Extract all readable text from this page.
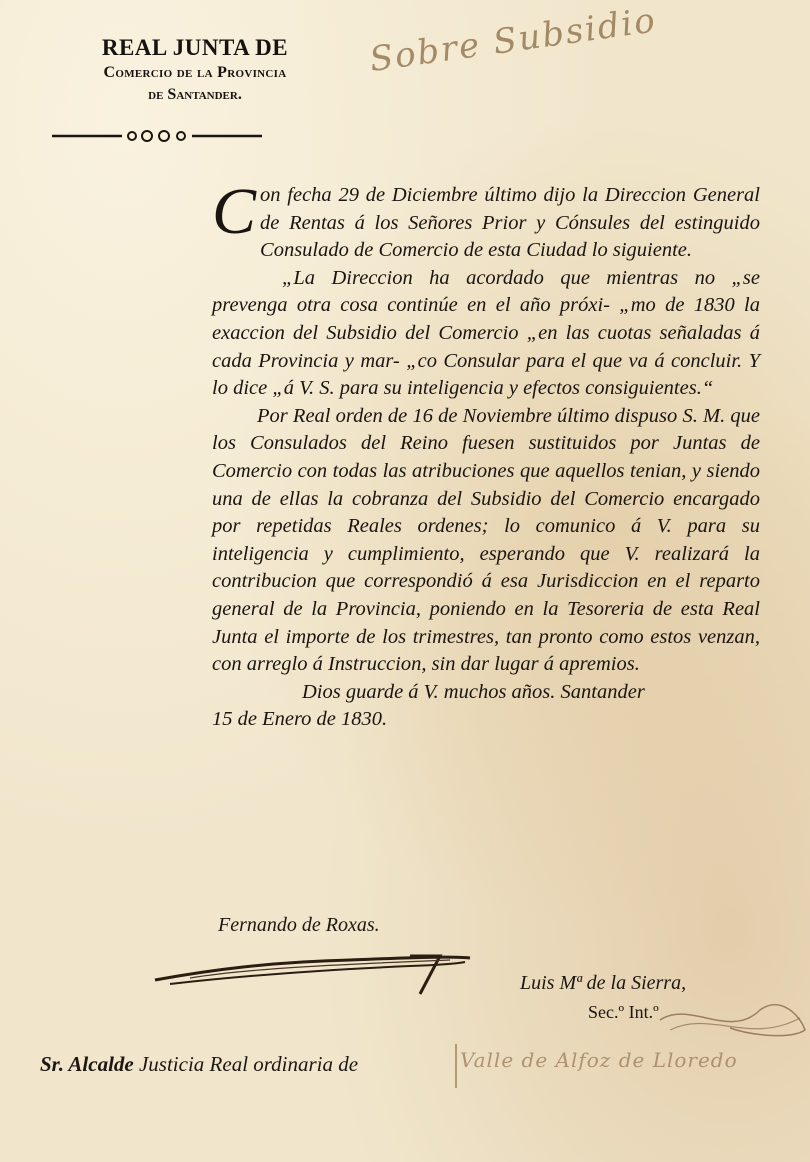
REAL JUNTA DE
Comercio de la Provincia
de Santander.
Sobre Subsidio

Con fecha 29 de Diciembre último dijo la Direccion General de Rentas á los Señores Prior y Cónsules del estinguido Consulado de Comercio de esta Ciudad lo siguiente.

„La Direccion ha acordado que mientras no „se prevenga otra cosa continúe en el año próxi- „mo de 1830 la exaccion del Subsidio del Comercio „en las cuotas señaladas á cada Provincia y mar- „co Consular para el que va á concluir. Y lo dice „á V. S. para su inteligencia y efectos consiguientes.“

Por Real orden de 16 de Noviembre último dispuso S. M. que los Consulados del Reino fuesen sustituidos por Juntas de Comercio con todas las atribuciones que aquellos tenian, y siendo una de ellas la cobranza del Subsidio del Comercio encargado por repetidas Reales ordenes; lo comunico á V. para su inteligencia y cumplimiento, esperando que V. realizará la contribucion que correspondió á esa Jurisdiccion en el reparto general de la Provincia, poniendo en la Tesoreria de esta Real Junta el importe de los trimestres, tan pronto como estos venzan, con arreglo á Instruccion, sin dar lugar á apremios.

Dios guarde á V. muchos años. Santander

15 de Enero de 1830.

Fernando de Roxas.
Luis Mª de la Sierra,
Sec.º Int.º
Sr. Alcalde Justicia Real ordinaria de	Valle de Alfoz de Lloredo
